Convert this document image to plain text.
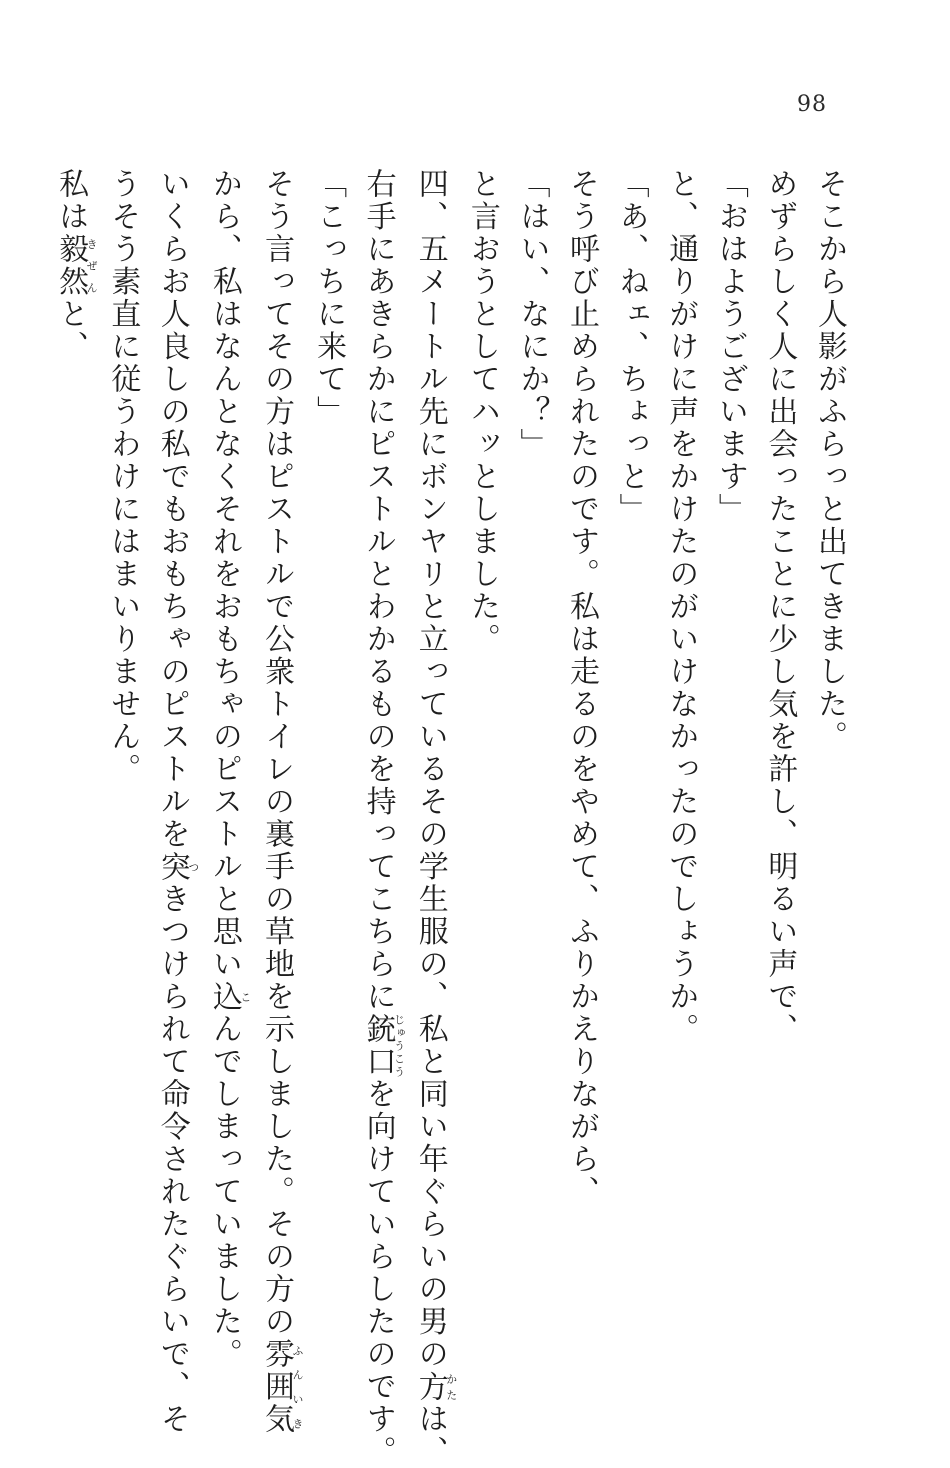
98
そこから人影がふらっと出てきました。
めずらしく人に出会ったことに少し気を許し、明るい声で、
「おはようございます」
と、通りがけに声をかけたのがいけなかったのでしょうか。
「あ、ねェ、ちょっと」
そう呼び止められたのです。私は走るのをやめて、ふりかえりながら、
「はい、なにか？」
と言おうとしてハッとしました。
四、五メートル先にボンヤリと立っているその学生服の、私と同い年ぐらいの男の方かたは、
右手にあきらかにピストルとわかるものを持ってこちらに銃口じゅうこうを向けていらしたのです。
「こっちに来て」
そう言ってその方はピストルで公衆トイレの裏手の草地を示しました。その方の雰囲気ふんいき
から、私はなんとなくそれをおもちゃのピストルと思い込こんでしまっていました。
いくらお人良しの私でもおもちゃのピストルを突つきつけられて命令されたぐらいで、そ
うそう素直に従うわけにはまいりません。
私は毅然きぜんと、
